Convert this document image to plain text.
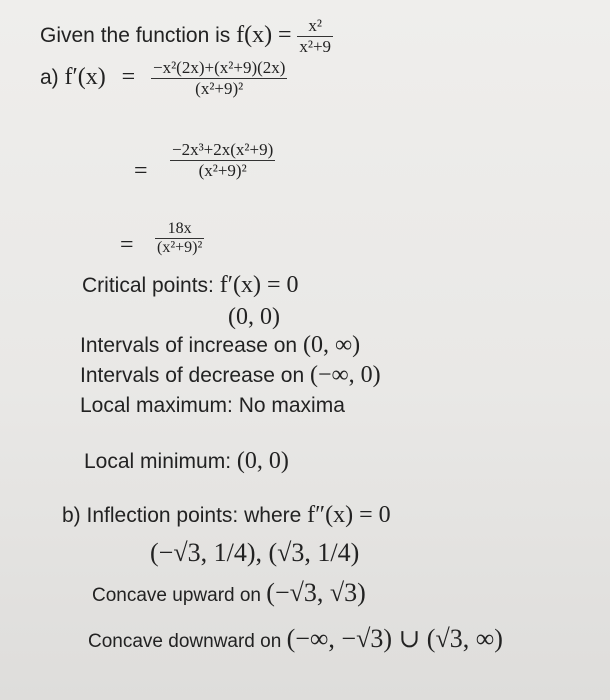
Given the function is $f(x) = \frac{\text{x²}}{\text{x²+9}}$
a) $f'(x) = \frac{\text{−x²(2x)+(x²+9)(2x)}}{\text{(x²+9)²}}$
= $\frac{\text{−2x³+2x(x²+9)}}{\text{(x²+9)²}}$
= $\frac{18x}{\text{(x²+9)²}}$
Critical points: f′(x) = 0
(0, 0)
Intervals of increase on (0, ∞)
Intervals of decrease on (−∞, 0)
Local maximum: No maxima
Local minimum: (0, 0)
b) Inflection points: where f″(x) = 0
(−√3, 1/4), (√3, 1/4)
Concave upward on (−√3, √3)
Concave downward on (−∞, −√3) ∪ (√3, ∞)
